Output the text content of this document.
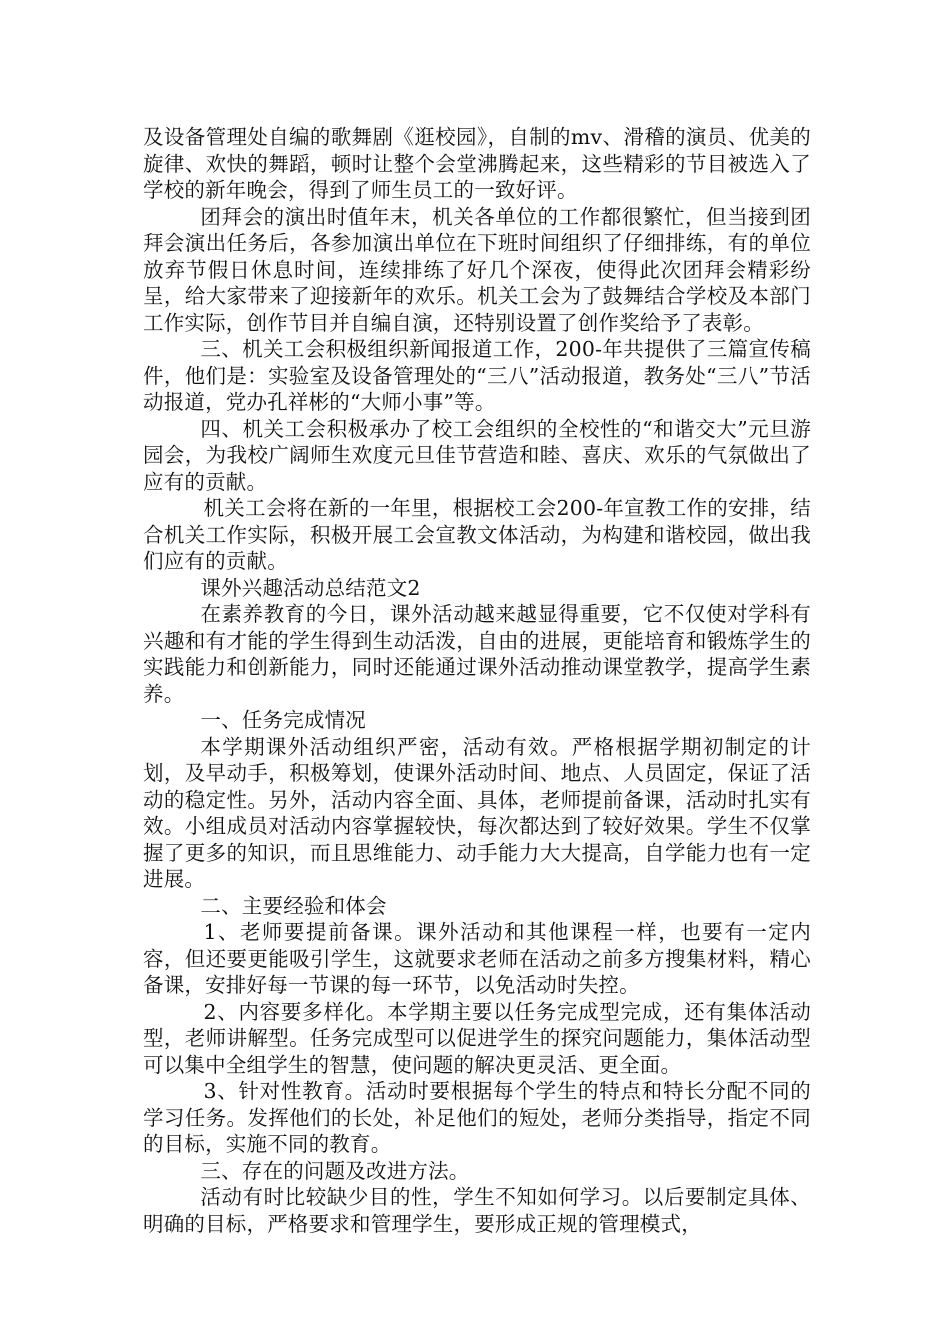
及设备管理处自编的歌舞剧《逛校园》，自制的mv、滑稽的演员、优美的旋律、欢快的舞蹈，顿时让整个会堂沸腾起来，这些精彩的节目被选入了学校的新年晚会，得到了师生员工的一致好评。

团拜会的演出时值年末，机关各单位的工作都很繁忙，但当接到团拜会演出任务后，各参加演出单位在下班时间组织了仔细排练，有的单位放弃节假日休息时间，连续排练了好几个深夜，使得此次团拜会精彩纷呈，给大家带来了迎接新年的欢乐。机关工会为了鼓舞结合学校及本部门工作实际，创作节目并自编自演，还特别设置了创作奖给予了表彰。

三、机关工会积极组织新闻报道工作，200-年共提供了三篇宣传稿件，他们是：实验室及设备管理处的“三八”活动报道，教务处“三八”节活动报道，党办孔祥彬的“大师小事”等。

四、机关工会积极承办了校工会组织的全校性的“和谐交大”元旦游园会，为我校广阔师生欢度元旦佳节营造和睦、喜庆、欢乐的气氛做出了应有的贡献。

机关工会将在新的一年里，根据校工会200-年宣教工作的安排，结合机关工作实际，积极开展工会宣教文体活动，为构建和谐校园，做出我们应有的贡献。

课外兴趣活动总结范文2

在素养教育的今日，课外活动越来越显得重要，它不仅使对学科有兴趣和有才能的学生得到生动活泼，自由的进展，更能培育和锻炼学生的实践能力和创新能力，同时还能通过课外活动推动课堂教学，提高学生素养。

一、任务完成情况

本学期课外活动组织严密，活动有效。严格根据学期初制定的计划，及早动手，积极筹划，使课外活动时间、地点、人员固定，保证了活动的稳定性。另外，活动内容全面、具体，老师提前备课，活动时扎实有效。小组成员对活动内容掌握较快，每次都达到了较好效果。学生不仅掌握了更多的知识，而且思维能力、动手能力大大提高，自学能力也有一定进展。

二、主要经验和体会

1、老师要提前备课。课外活动和其他课程一样，也要有一定内容，但还要更能吸引学生，这就要求老师在活动之前多方搜集材料，精心备课，安排好每一节课的每一环节，以免活动时失控。

2、内容要多样化。本学期主要以任务完成型完成，还有集体活动型，老师讲解型。任务完成型可以促进学生的探究问题能力，集体活动型可以集中全组学生的智慧，使问题的解决更灵活、更全面。

3、针对性教育。活动时要根据每个学生的特点和特长分配不同的学习任务。发挥他们的长处，补足他们的短处，老师分类指导，指定不同的目标，实施不同的教育。

三、存在的问题及改进方法。

活动有时比较缺少目的性，学生不知如何学习。以后要制定具体、明确的目标，严格要求和管理学生，要形成正规的管理模式，
